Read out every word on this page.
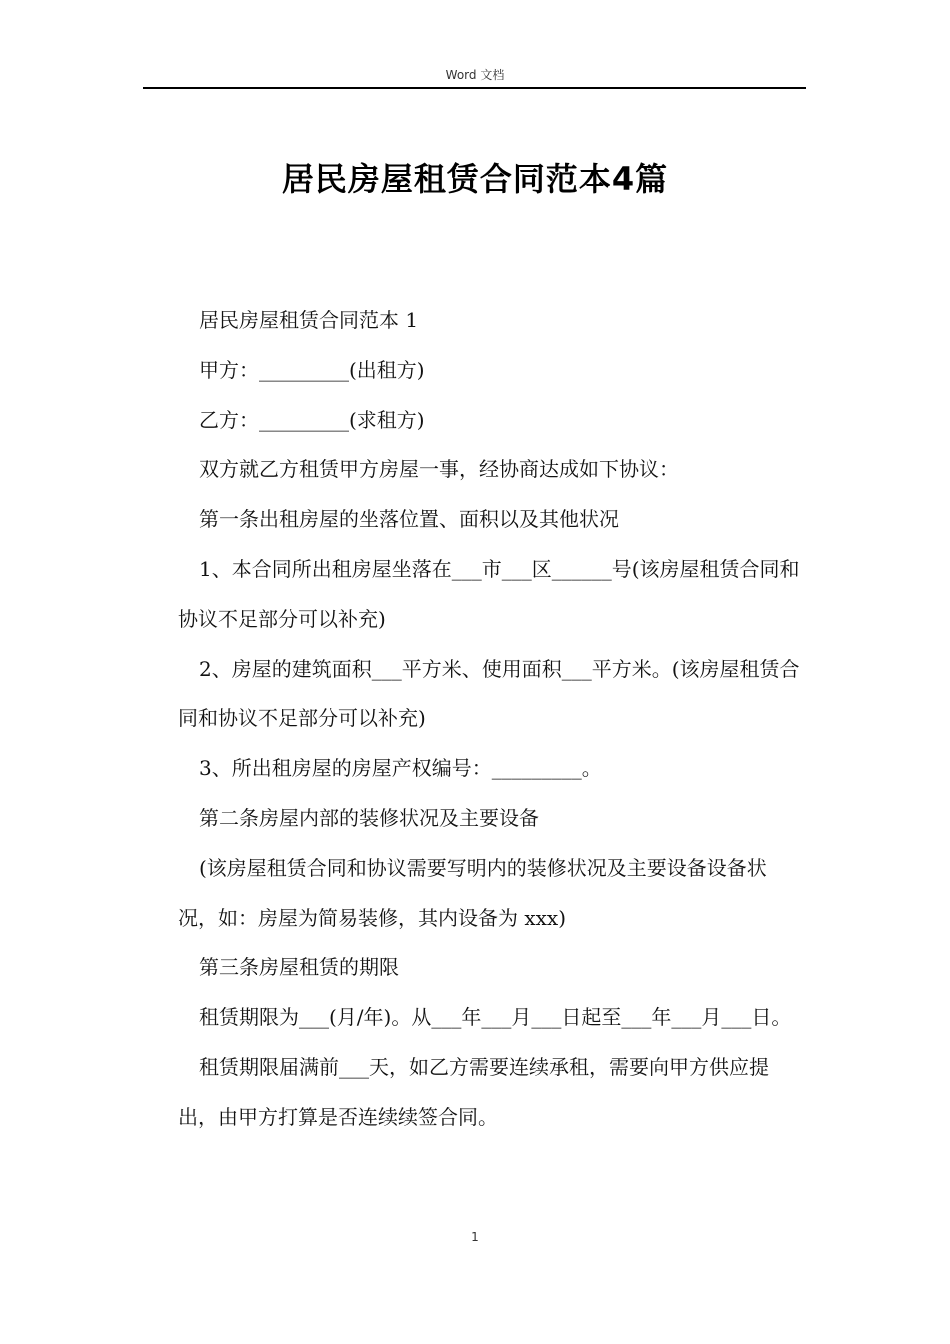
Word 文档
居民房屋租赁合同范本4篇

居民房屋租赁合同范本 1

甲方：_________(出租方)

乙方：_________(求租方)

双方就乙方租赁甲方房屋一事，经协商达成如下协议：

第一条出租房屋的坐落位置、面积以及其他状况

1、本合同所出租房屋坐落在___市___区______号(该房屋租赁合同和协议不足部分可以补充)

2、房屋的建筑面积___平方米、使用面积___平方米。(该房屋租赁合同和协议不足部分可以补充)

3、所出租房屋的房屋产权编号：_________。

第二条房屋内部的装修状况及主要设备

(该房屋租赁合同和协议需要写明内的装修状况及主要设备设备状况，如：房屋为简易装修，其内设备为 xxx)

第三条房屋租赁的期限

租赁期限为___(月/年)。从___年___月___日起至___年___月___日。

租赁期限届满前___天，如乙方需要连续承租，需要向甲方供应提出，由甲方打算是否连续续签合同。

1
